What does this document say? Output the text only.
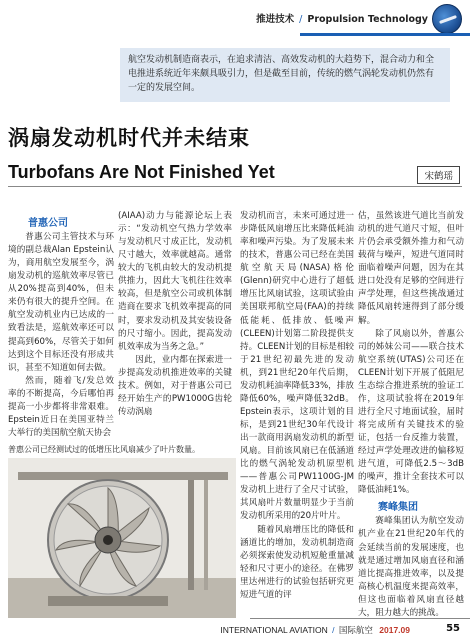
推进技术 / Propulsion Technology
航空发动机制造商表示，在追求清洁、高效发动机的大趋势下，混合动力和全电推进系统近年来颇具吸引力，但是截至目前，传统的燃气涡轮发动机仍然有一定的发展空间。
涡扇发动机时代并未结束
Turbofans Are Not Finished Yet	宋鹤瑶

普惠公司

普惠公司主管技术与环境的副总裁Alan Epstein认为，商用航空发展至今，涡扇发动机的巡航效率尽管已从20%提高到40%，但未来仍有很大的提升空间。在航空发动机业内已达成的一致看法是，巡航效率还可以提高到60%，尽管关于如何达到这个目标还没有形成共识，甚至不知道如何去做。

然而，随着飞/发总效率的不断提高，今后哪怕再提高一小步都将非常艰难。Epstein近日在美国亚特兰大举行的美国航空航天协会

(AIAA)动力与能源论坛上表示：“发动机空气热力学效率与发动机尺寸成正比，发动机尺寸越大，效率就越高。通常较大的飞机由较大的发动机提供推力，因此大飞机往往效率较高，但是航空公司或机体制造商在要求飞机效率提高的同时，要求发动机及其安装设备的尺寸缩小。因此，提高发动机效率成为当务之急。”

因此，业内都在探索进一步提高发动机推进效率的关键技术。例如，对于普惠公司已经开始生产的PW1000G齿轮传动涡扇

发动机而言，未来可通过进一步降低风扇增压比来降低耗油率和噪声污染。为了发展未来的技术，普惠公司已经在美国航空航天局(NASA)格伦(Glenn)研究中心进行了超低增压比风扇试验，这项试验由美国联邦航空局(FAA)的持续低能耗、低排放、低噪声(CLEEN)计划第二阶段提供支持。CLEEN计划的目标是相较于21世纪初最先进的发动机，到21世纪20年代后期，发动机耗油率降低33%，排放降低60%，噪声降低32dB。Epstein表示，这项计划的目标，是到21世纪30年代设计出一款商用涡扇发动机的新型风扇。目前该风扇已在低涵道比的燃气涡轮发动机原型机——普惠公司PW1100G-JM发动机上进行了全尺寸试验，其风扇叶片数量明显少于当前发动机所采用的20片叶片。

随着风扇增压比的降低和涵道比的增加，发动机制造商必须探索使发动机短舱重量减轻和尺寸更小的途径。在佛罗里达州进行的试验包括研究更短进气道的评

估，虽然该进气道比当前发动机的进气道尺寸短，但叶片仍会承受额外推力和气动载荷与噪声，短进气道同时面临着噪声问题，因为在其进口处没有足够的空间进行声学处理，但这些挑战通过降低风扇转速得到了部分缓解。

除了风扇以外，普惠公司的姊妹公司——联合技术航空系统(UTAS)公司还在CLEEN计划下开展了低阻尼生态综合推进系统的验证工作，这项试验将在2019年进行全尺寸地面试验，届时将完成所有关键技术的验证，包括一台反推力装置，经过声学处理改进的偏移短进气道，可降低2.5～3dB的噪声，推计全套技术可以降低油耗1%。

赛峰集团

赛峰集团认为航空发动机产业在21世纪20年代的会延续当前的发展速度，也就是通过增加风扇直径和涵道比提高推进效率，以及提高核心机温度来提高效率，但这也面临着风扇直径越大，阻力越大的挑战。

普惠公司已经测试过的低增压比风扇减少了叶片数量。
INTERNATIONAL AVIATION / 国际航空 2017.09	55
